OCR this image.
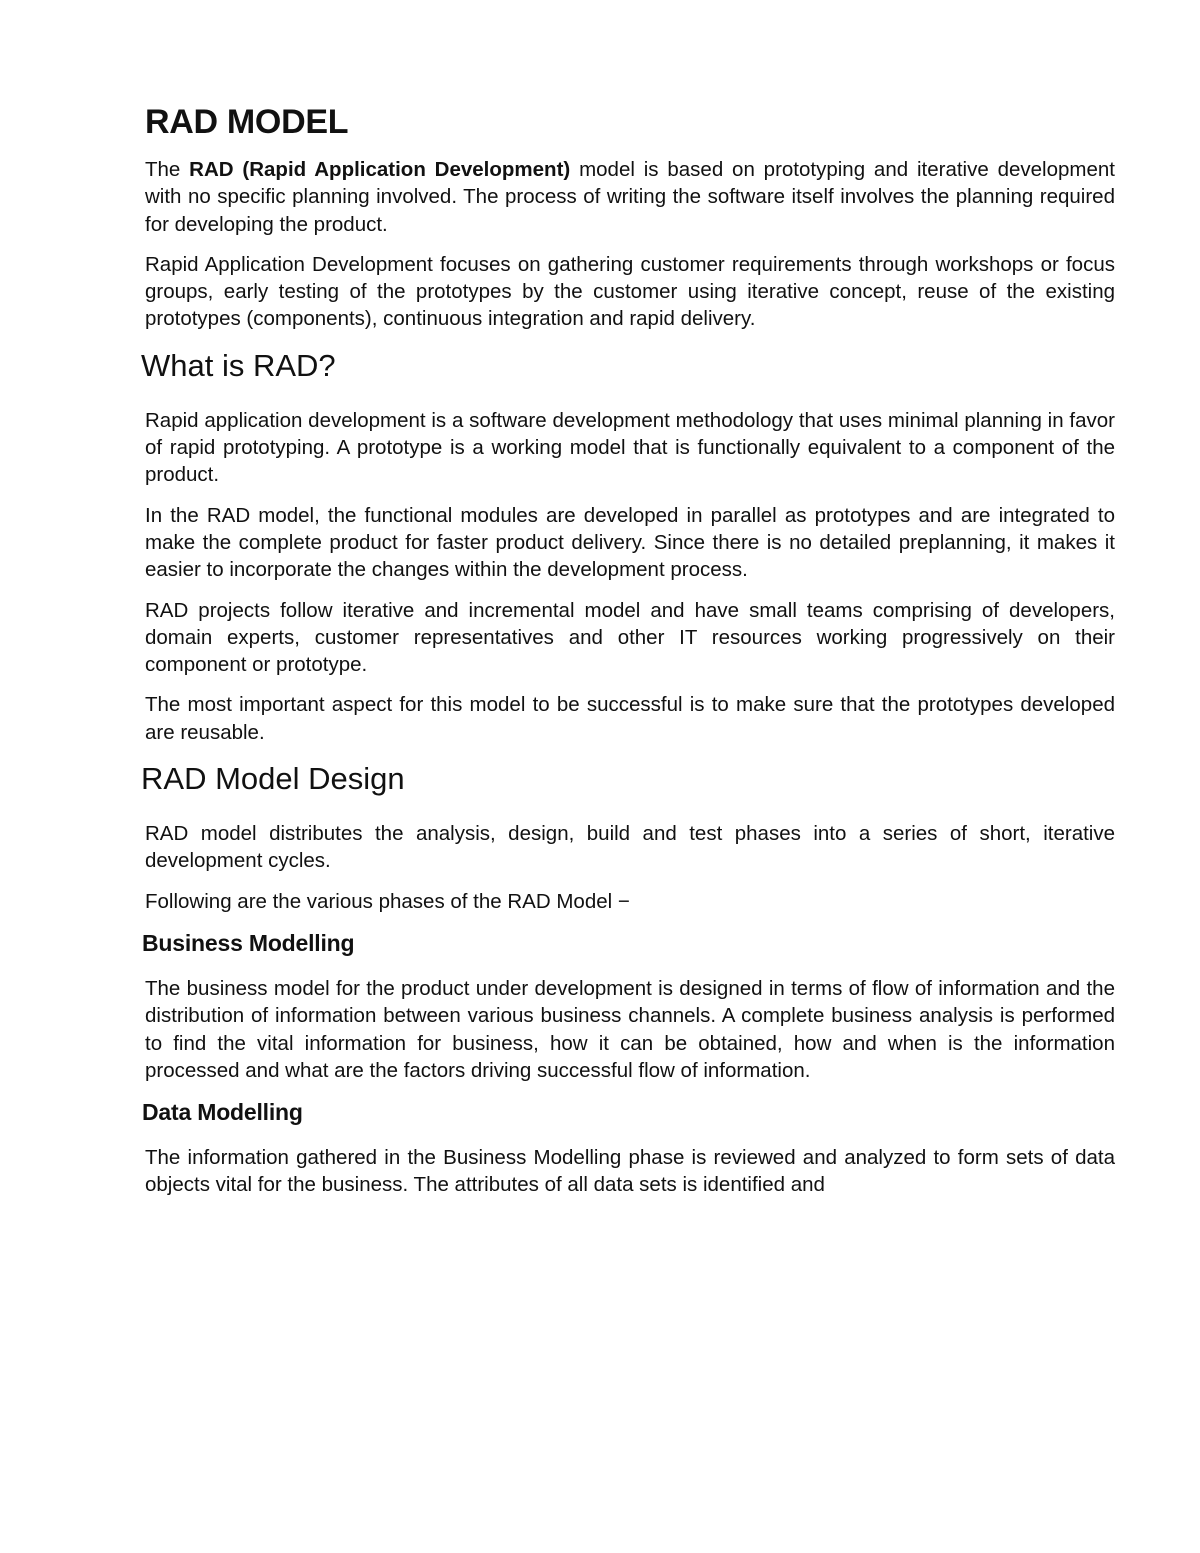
RAD MODEL

The RAD (Rapid Application Development) model is based on prototyping and iterative development with no specific planning involved. The process of writing the software itself involves the planning required for developing the product.

Rapid Application Development focuses on gathering customer requirements through workshops or focus groups, early testing of the prototypes by the customer using iterative concept, reuse of the existing prototypes (components), continuous integration and rapid delivery.

What is RAD?

Rapid application development is a software development methodology that uses minimal planning in favor of rapid prototyping. A prototype is a working model that is functionally equivalent to a component of the product.

In the RAD model, the functional modules are developed in parallel as prototypes and are integrated to make the complete product for faster product delivery. Since there is no detailed preplanning, it makes it easier to incorporate the changes within the development process.

RAD projects follow iterative and incremental model and have small teams comprising of developers, domain experts, customer representatives and other IT resources working progressively on their component or prototype.

The most important aspect for this model to be successful is to make sure that the prototypes developed are reusable.

RAD Model Design

RAD model distributes the analysis, design, build and test phases into a series of short, iterative development cycles.

Following are the various phases of the RAD Model −

Business Modelling

The business model for the product under development is designed in terms of flow of information and the distribution of information between various business channels. A complete business analysis is performed to find the vital information for business, how it can be obtained, how and when is the information processed and what are the factors driving successful flow of information.

Data Modelling

The information gathered in the Business Modelling phase is reviewed and analyzed to form sets of data objects vital for the business. The attributes of all data sets is identified and
